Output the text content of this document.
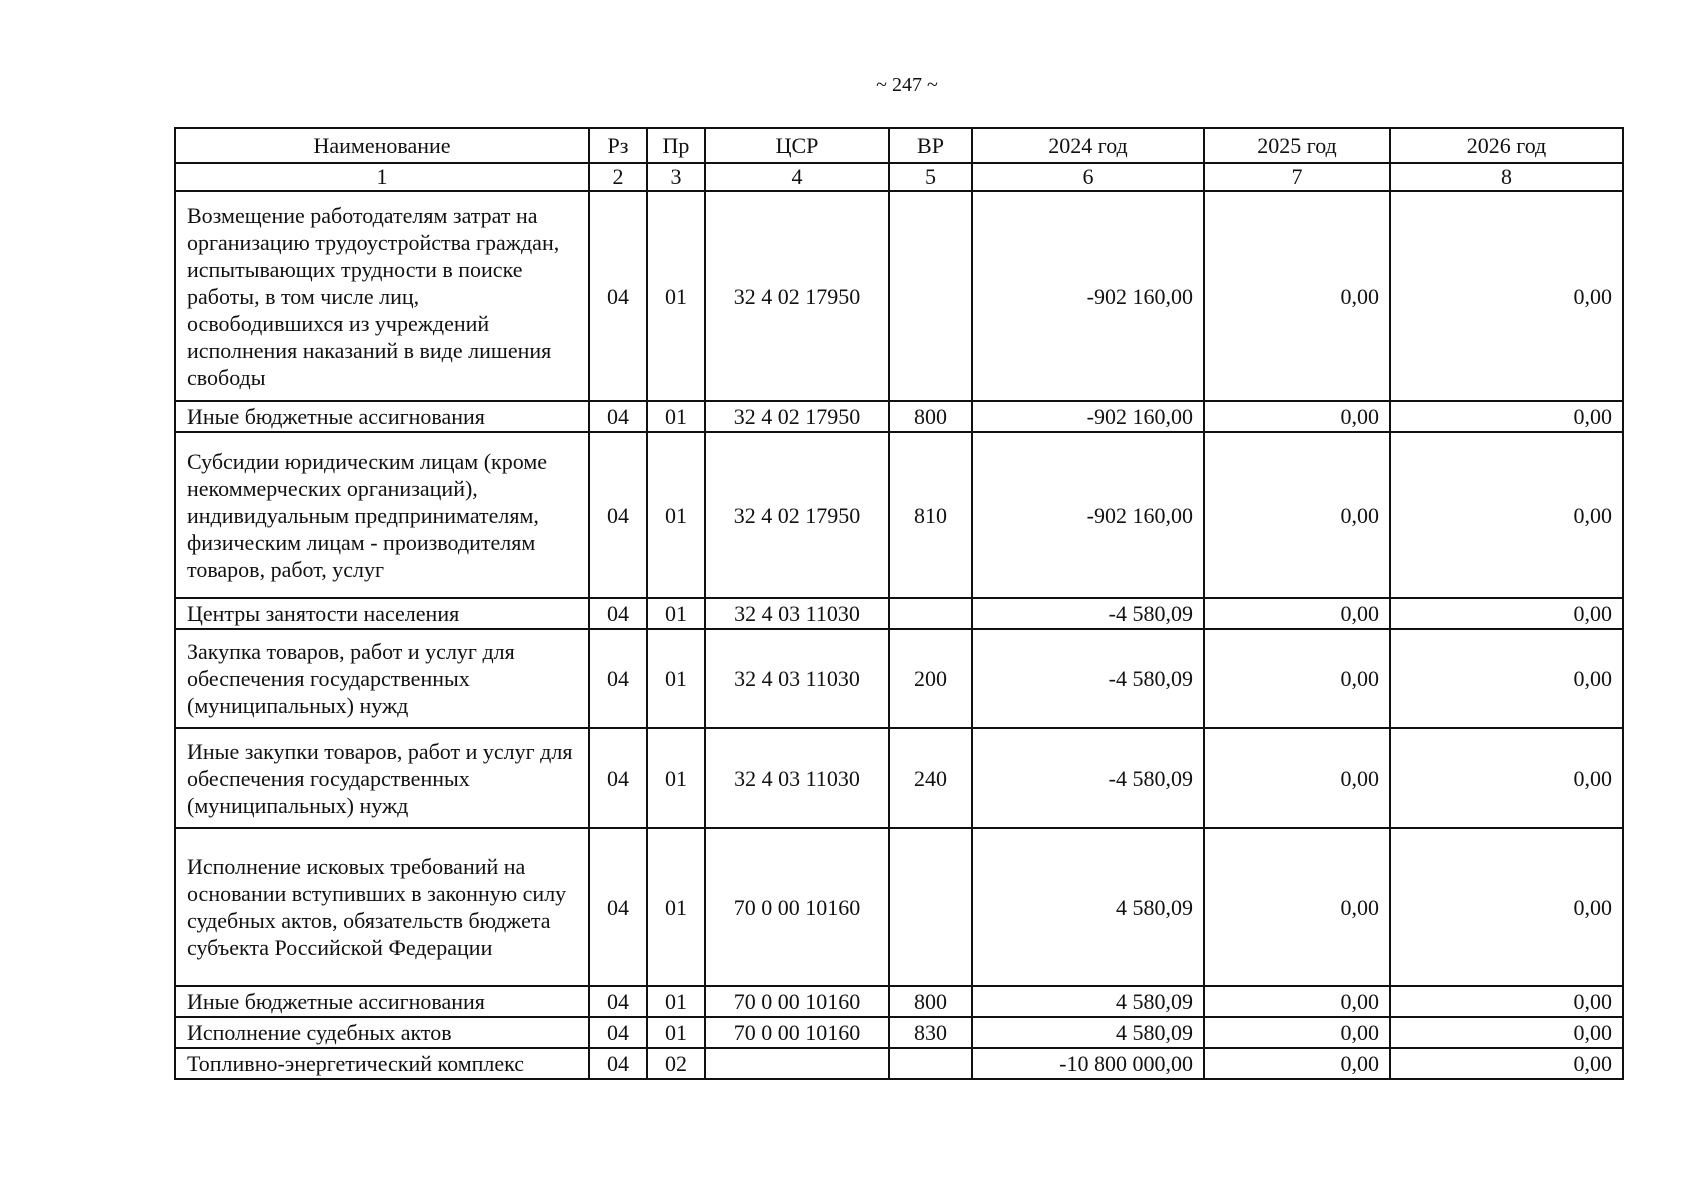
~ 247 ~
Наименование	Рз	Пр	ЦСР	ВР	2024 год	2025 год	2026 год
1	2	3	4	5	6	7	8
Возмещение работодателям затрат на организацию трудоустройства граждан, испытывающих трудности в поиске работы, в том числе лиц, освободившихся из учреждений исполнения наказаний в виде лишения свободы	04	01	32 4 02 17950		-902 160,00	0,00	0,00
Иные бюджетные ассигнования	04	01	32 4 02 17950	800	-902 160,00	0,00	0,00
Субсидии юридическим лицам (кроме некоммерческих организаций), индивидуальным предпринимателям, физическим лицам - производителям товаров, работ, услуг	04	01	32 4 02 17950	810	-902 160,00	0,00	0,00
Центры занятости населения	04	01	32 4 03 11030		-4 580,09	0,00	0,00
Закупка товаров, работ и услуг для обеспечения государственных (муниципальных) нужд	04	01	32 4 03 11030	200	-4 580,09	0,00	0,00
Иные закупки товаров, работ и услуг для обеспечения государственных (муниципальных) нужд	04	01	32 4 03 11030	240	-4 580,09	0,00	0,00
Исполнение исковых требований на основании вступивших в законную силу судебных актов, обязательств бюджета субъекта Российской Федерации	04	01	70 0 00 10160		4 580,09	0,00	0,00
Иные бюджетные ассигнования	04	01	70 0 00 10160	800	4 580,09	0,00	0,00
Исполнение судебных актов	04	01	70 0 00 10160	830	4 580,09	0,00	0,00
Топливно-энергетический комплекс	04	02			-10 800 000,00	0,00	0,00
